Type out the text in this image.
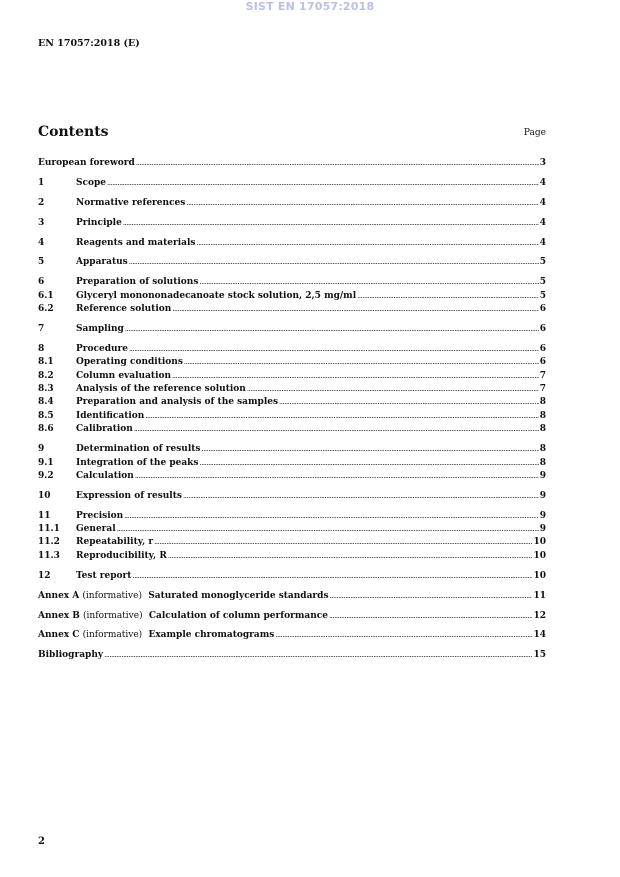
SIST EN 17057:2018
EN 17057:2018 (E)
Contents	Page
European foreword .....	3
1	Scope .....	4
2	Normative references .....	4
3	Principle .....	4
4	Reagents and materials .....	4
5	Apparatus .....	5
6	Preparation of solutions .....	5
6.1	Glyceryl monononadecanoate stock solution, 2,5 mg/ml .....	5
6.2	Reference solution .....	6
7	Sampling .....	6
8	Procedure .....	6
8.1	Operating conditions .....	6
8.2	Column evaluation .....	7
8.3	Analysis of the reference solution .....	7
8.4	Preparation and analysis of the samples .....	8
8.5	Identification .....	8
8.6	Calibration .....	8
9	Determination of results .....	8
9.1	Integration of the peaks .....	8
9.2	Calculation .....	9
10	Expression of results .....	9
11	Precision .....	9
11.1	General .....	9
11.2	Repeatability, r .....	10
11.3	Reproducibility, R .....	10
12	Test report .....	10
Annex A (informative) Saturated monoglyceride standards .....	11
Annex B (informative) Calculation of column performance .....	12
Annex C (informative) Example chromatograms .....	14
Bibliography .....	15
2
